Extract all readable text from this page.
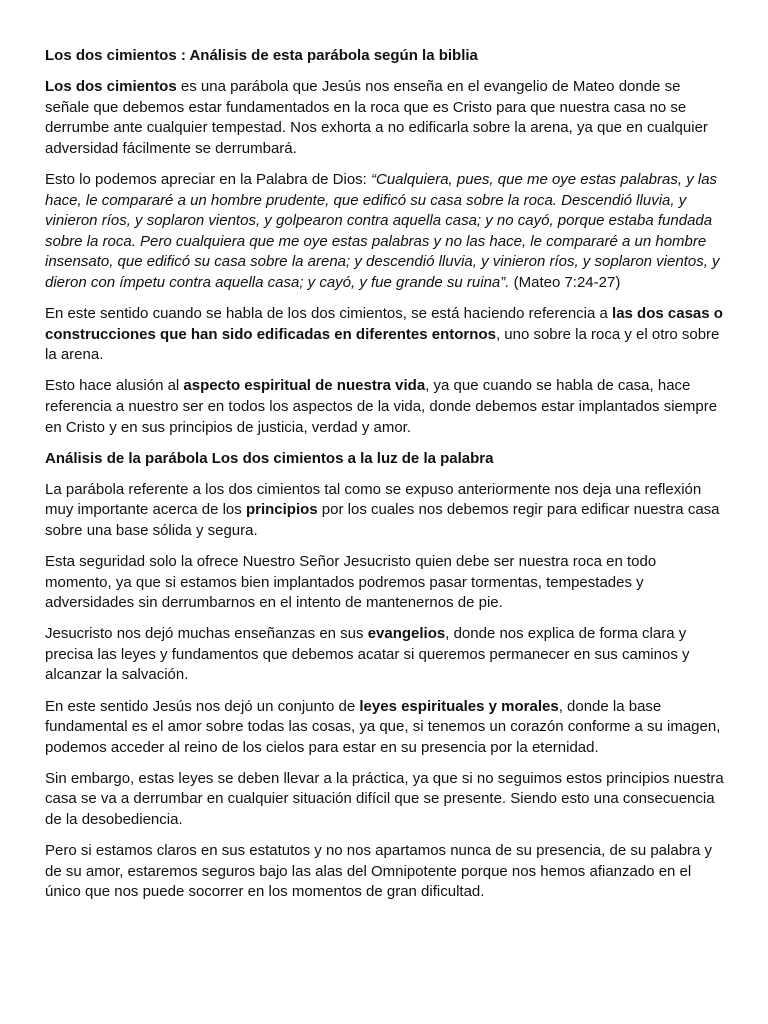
Los dos cimientos : Análisis de esta parábola según la biblia

Los dos cimientos es una parábola que Jesús nos enseña en el evangelio de Mateo donde se señale que debemos estar fundamentados en la roca que es Cristo para que nuestra casa no se derrumbe ante cualquier tempestad. Nos exhorta a no edificarla sobre la arena, ya que en cualquier adversidad fácilmente se derrumbará.

Esto lo podemos apreciar en la Palabra de Dios: “Cualquiera, pues, que me oye estas palabras, y las hace, le compararé a un hombre prudente, que edificó su casa sobre la roca. Descendió lluvia, y vinieron ríos, y soplaron vientos, y golpearon contra aquella casa; y no cayó, porque estaba fundada sobre la roca. Pero cualquiera que me oye estas palabras y no las hace, le compararé a un hombre insensato, que edificó su casa sobre la arena; y descendió lluvia, y vinieron ríos, y soplaron vientos, y dieron con ímpetu contra aquella casa; y cayó, y fue grande su ruina”. (Mateo 7:24-27)

En este sentido cuando se habla de los dos cimientos, se está haciendo referencia a las dos casas o construcciones que han sido edificadas en diferentes entornos, uno sobre la roca y el otro sobre la arena.

Esto hace alusión al aspecto espiritual de nuestra vida, ya que cuando se habla de casa, hace referencia a nuestro ser en todos los aspectos de la vida, donde debemos estar implantados siempre en Cristo y en sus principios de justicia, verdad y amor.

Análisis de la parábola Los dos cimientos a la luz de la palabra

La parábola referente a los dos cimientos tal como se expuso anteriormente nos deja una reflexión muy importante acerca de los principios por los cuales nos debemos regir para edificar nuestra casa sobre una base sólida y segura.

Esta seguridad solo la ofrece Nuestro Señor Jesucristo quien debe ser nuestra roca en todo momento, ya que si estamos bien implantados podremos pasar tormentas, tempestades y adversidades sin derrumbarnos en el intento de mantenernos de pie.

Jesucristo nos dejó muchas enseñanzas en sus evangelios, donde nos explica de forma clara y precisa las leyes y fundamentos que debemos acatar si queremos permanecer en sus caminos y alcanzar la salvación.

En este sentido Jesús nos dejó un conjunto de leyes espirituales y morales, donde la base fundamental es el amor sobre todas las cosas, ya que, si tenemos un corazón conforme a su imagen, podemos acceder al reino de los cielos para estar en su presencia por la eternidad.

Sin embargo, estas leyes se deben llevar a la práctica, ya que si no seguimos estos principios nuestra casa se va a derrumbar en cualquier situación difícil que se presente. Siendo esto una consecuencia de la desobediencia.

Pero si estamos claros en sus estatutos y no nos apartamos nunca de su presencia, de su palabra y de su amor, estaremos seguros bajo las alas del Omnipotente porque nos hemos afianzado en el único que nos puede socorrer en los momentos de gran dificultad.
